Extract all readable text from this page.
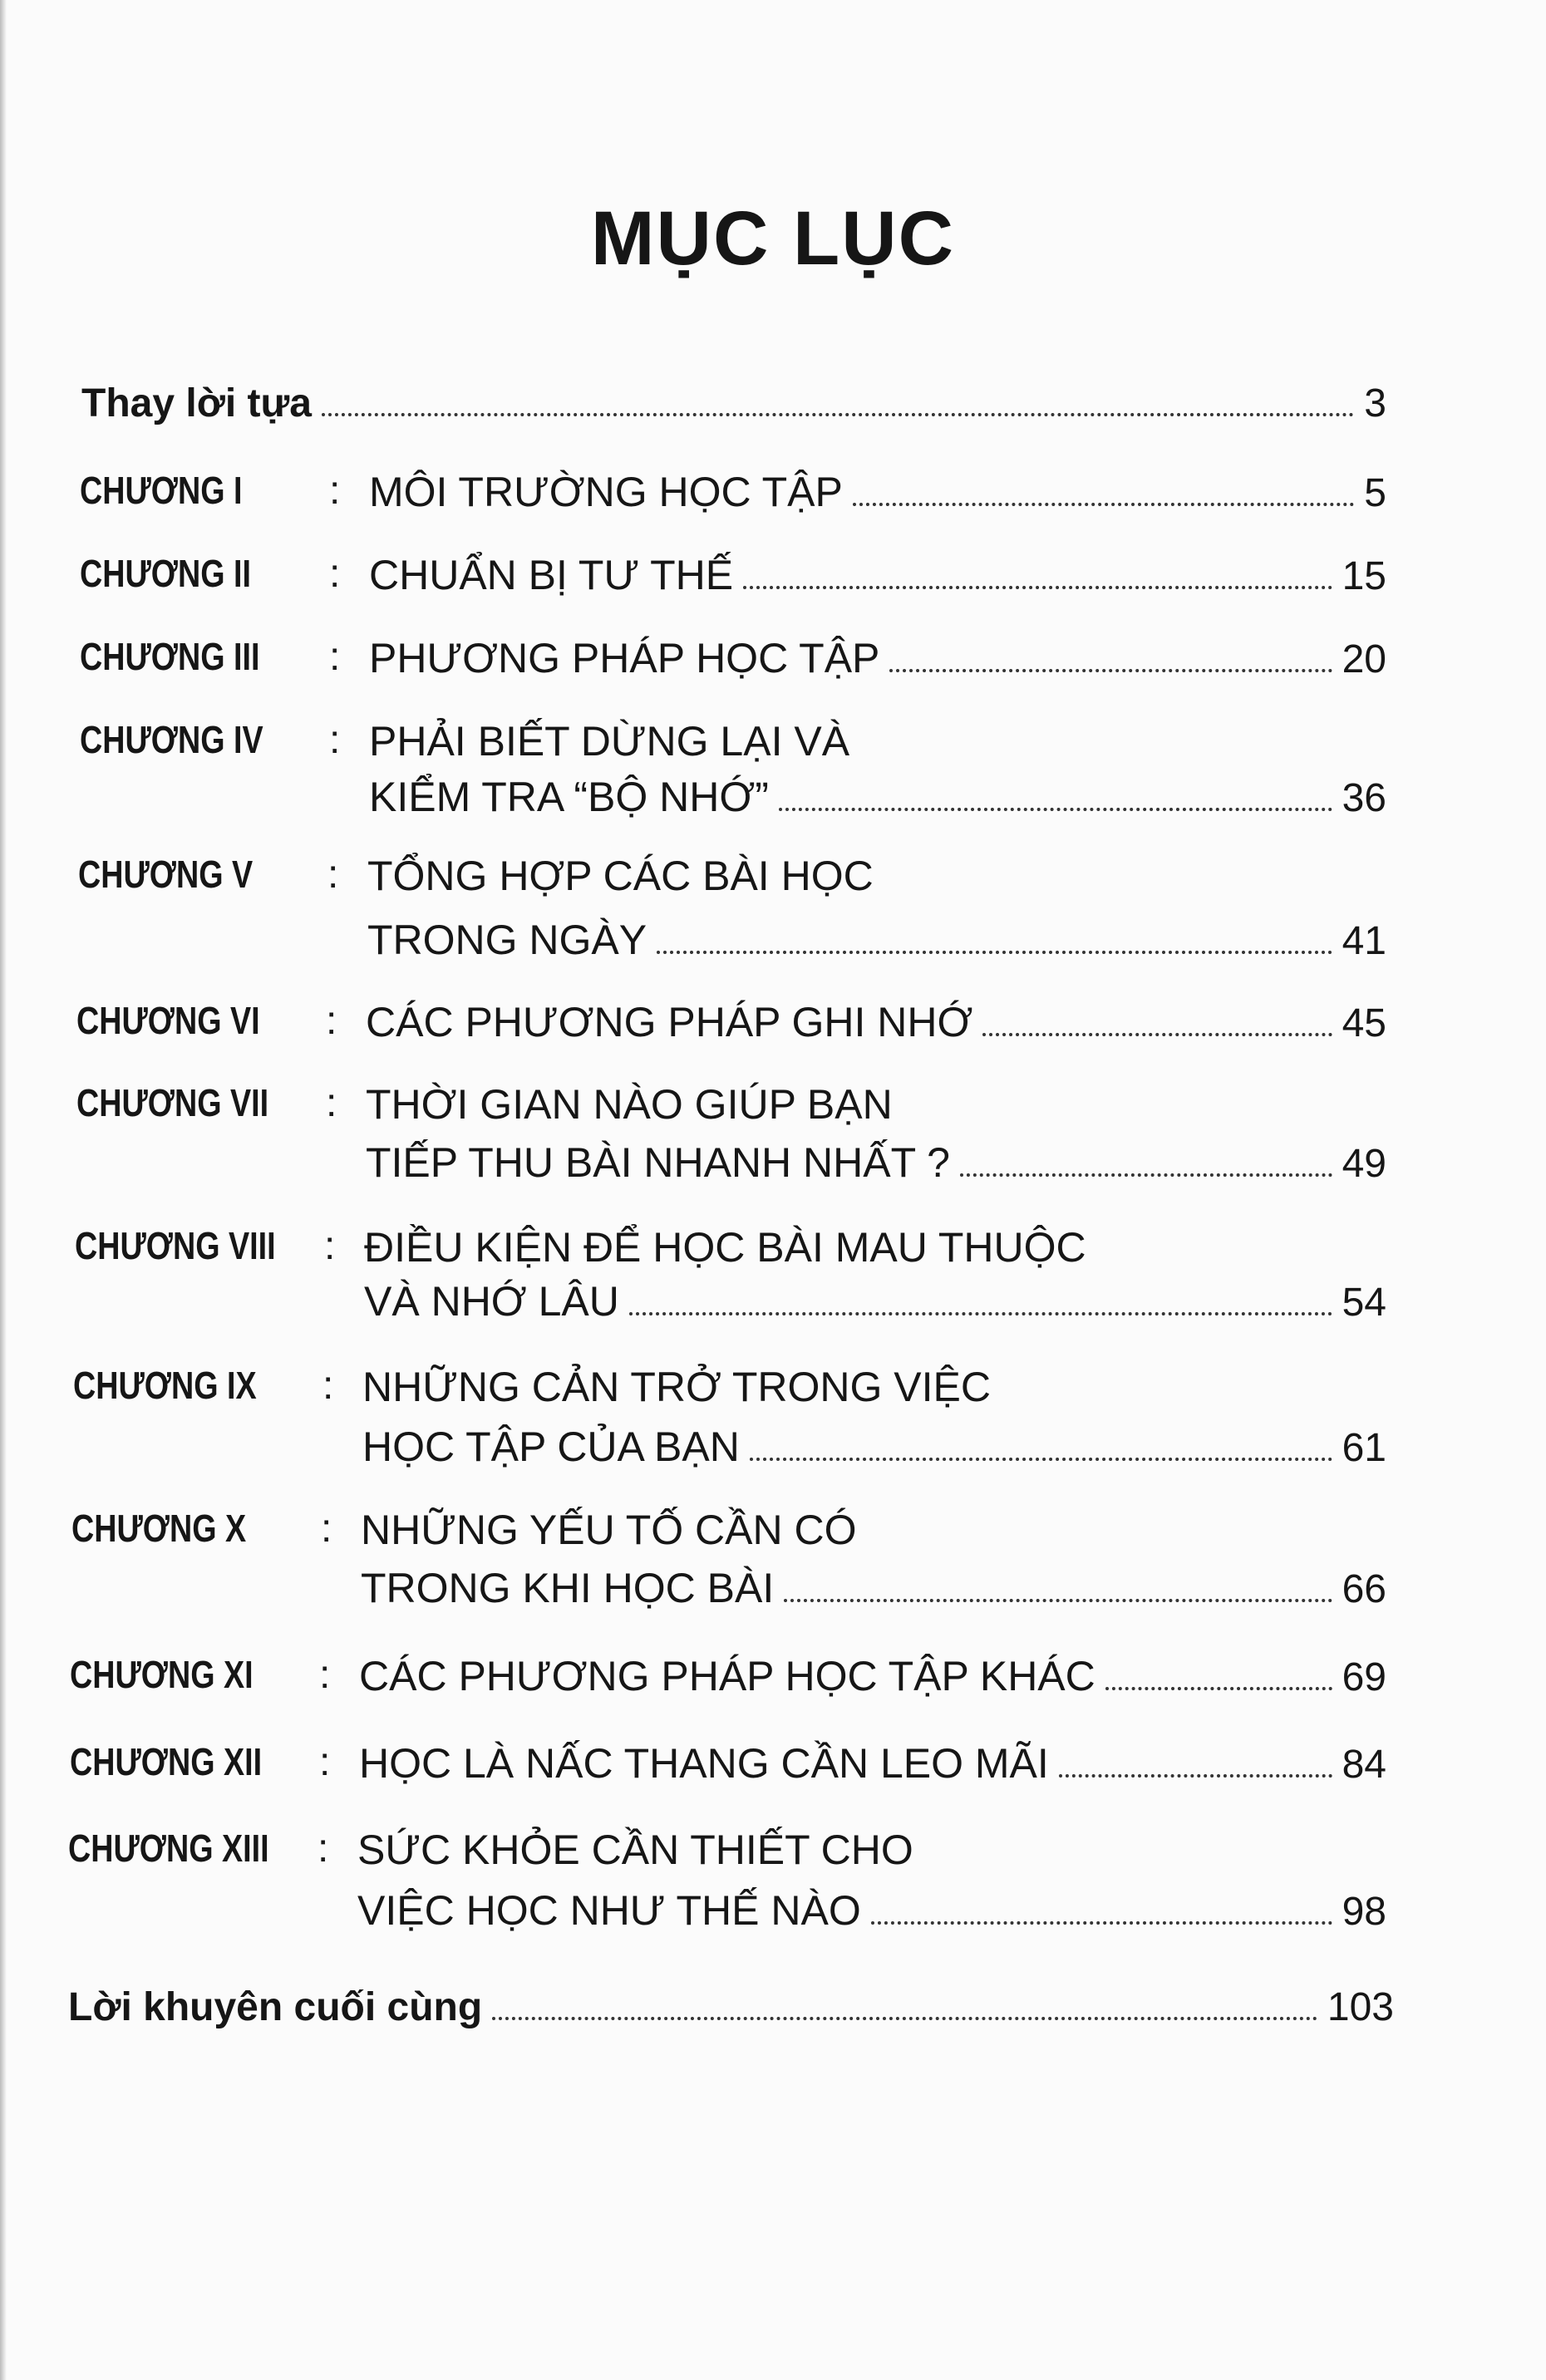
MỤC LỤC
Thay lời tựa	3
CHƯƠNG I : MÔI TRƯỜNG HỌC TẬP	5
CHƯƠNG II : CHUẨN BỊ TƯ THẾ	15
CHƯƠNG III : PHƯƠNG PHÁP HỌC TẬP	20
CHƯƠNG IV : PHẢI BIẾT DỪNG LẠI VÀ
KIỂM TRA “BỘ NHỚ”	36
CHƯƠNG V : TỔNG HỢP CÁC BÀI HỌC
TRONG NGÀY	41
CHƯƠNG VI : CÁC PHƯƠNG PHÁP GHI NHỚ	45
CHƯƠNG VII : THỜI GIAN NÀO GIÚP BẠN
TIẾP THU BÀI NHANH NHẤT ?	49
CHƯƠNG VIII : ĐIỀU KIỆN ĐỂ HỌC BÀI MAU THUỘC
VÀ NHỚ LÂU	54
CHƯƠNG IX : NHỮNG CẢN TRỞ TRONG VIỆC
HỌC TẬP CỦA BẠN	61
CHƯƠNG X : NHỮNG YẾU TỐ CẦN CÓ
TRONG KHI HỌC BÀI	66
CHƯƠNG XI : CÁC PHƯƠNG PHÁP HỌC TẬP KHÁC	69
CHƯƠNG XII : HỌC LÀ NẤC THANG CẦN LEO MÃI	84
CHƯƠNG XIII : SỨC KHỎE CẦN THIẾT CHO
VIỆC HỌC NHƯ THẾ NÀO	98
Lời khuyên cuối cùng	103
